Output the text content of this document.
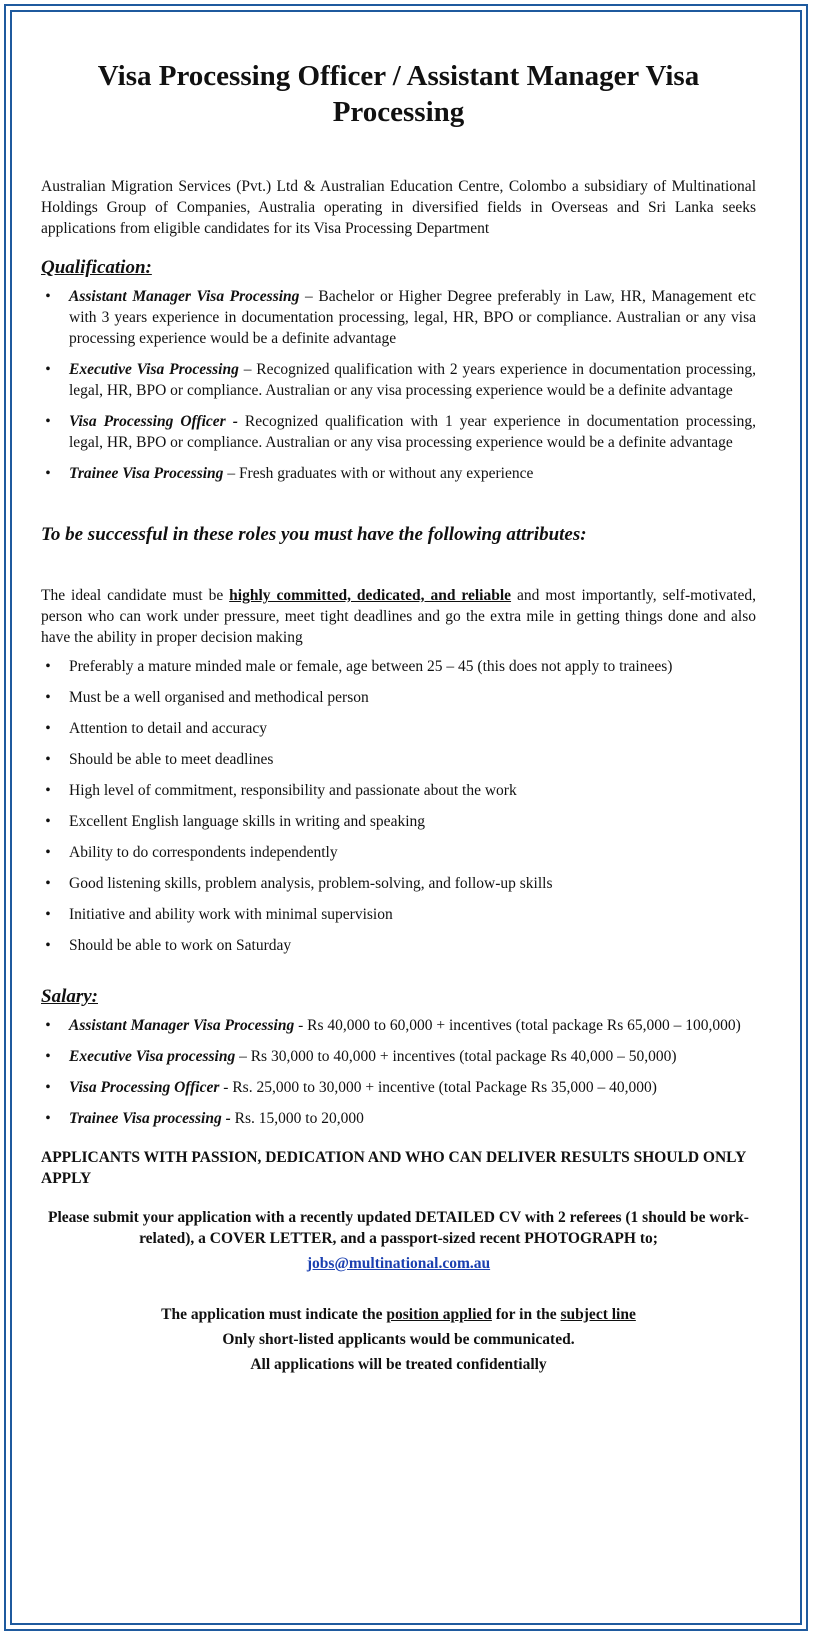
Visa Processing Officer / Assistant Manager Visa Processing

Australian Migration Services (Pvt.) Ltd & Australian Education Centre, Colombo a subsidiary of Multinational Holdings Group of Companies, Australia operating in diversified fields in Overseas and Sri Lanka seeks applications from eligible candidates for its Visa Processing Department

Qualification:
• Assistant Manager Visa Processing – Bachelor or Higher Degree preferably in Law, HR, Management etc with 3 years experience in documentation processing, legal, HR, BPO or compliance. Australian or any visa processing experience would be a definite advantage
• Executive Visa Processing – Recognized qualification with 2 years experience in documentation processing, legal, HR, BPO or compliance. Australian or any visa processing experience would be a definite advantage
• Visa Processing Officer - Recognized qualification with 1 year experience in documentation processing, legal, HR, BPO or compliance. Australian or any visa processing experience would be a definite advantage
• Trainee Visa Processing – Fresh graduates with or without any experience
To be successful in these roles you must have the following attributes:

The ideal candidate must be highly committed, dedicated, and reliable and most importantly, self-motivated, person who can work under pressure, meet tight deadlines and go the extra mile in getting things done and also have the ability in proper decision making

• Preferably a mature minded male or female, age between 25 – 45 (this does not apply to trainees)
• Must be a well organised and methodical person
• Attention to detail and accuracy
• Should be able to meet deadlines
• High level of commitment, responsibility and passionate about the work
• Excellent English language skills in writing and speaking
• Ability to do correspondents independently
• Good listening skills, problem analysis, problem-solving, and follow-up skills
• Initiative and ability work with minimal supervision
• Should be able to work on Saturday
Salary:
• Assistant Manager Visa Processing - Rs 40,000 to 60,000 + incentives (total package Rs 65,000 – 100,000)
• Executive Visa processing – Rs 30,000 to 40,000 + incentives (total package Rs 40,000 – 50,000)
• Visa Processing Officer - Rs. 25,000 to 30,000 + incentive (total Package Rs 35,000 – 40,000)
• Trainee Visa processing - Rs. 15,000 to 20,000
APPLICANTS WITH PASSION, DEDICATION AND WHO CAN DELIVER RESULTS SHOULD ONLY APPLY
Please submit your application with a recently updated DETAILED CV with 2 referees (1 should be work-related), a COVER LETTER, and a passport-sized recent PHOTOGRAPH to;
jobs@multinational.com.au
The application must indicate the position applied for in the subject line
Only short-listed applicants would be communicated.
All applications will be treated confidentially
